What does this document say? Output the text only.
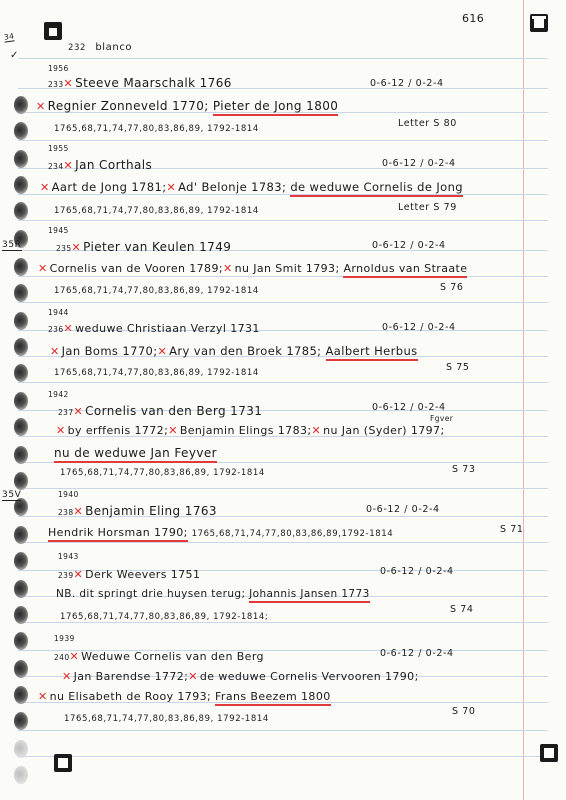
616
34
✓
35R
35V
232 blanco
1956
233✕ Steeve Maarschalk 1766	0-6-12 / 0-2-4
✕ Regnier Zonneveld 1770; Pieter de Jong 1800
1765,68,71,74,77,80,83,86,89, 1792-1814	Letter S 80
1955
234✕ Jan Corthals	0-6-12 / 0-2-4
✕ Aart de Jong 1781;✕ Ad' Belonje 1783; de weduwe Cornelis de Jong
1765,68,71,74,77,80,83,86,89, 1792-1814	Letter S 79
1945
235✕ Pieter van Keulen 1749	0-6-12 / 0-2-4
✕ Cornelis van de Vooren 1789;✕ nu Jan Smit 1793; Arnoldus van Straate
1765,68,71,74,77,80,83,86,89, 1792-1814	S 76
1944
236✕ weduwe Christiaan Verzyl 1731	0-6-12 / 0-2-4
✕ Jan Boms 1770;✕ Ary van den Broek 1785; Aalbert Herbus
1765,68,71,74,77,80,83,86,89, 1792-1814	S 75
1942
237✕ Cornelis van den Berg 1731	0-6-12 / 0-2-4
Fgver
✕ by erffenis 1772;✕ Benjamin Elings 1783;✕ nu Jan (Syder) 1797;
nu de weduwe Jan Feyver
1765,68,71,74,77,80,83,86,89, 1792-1814	S 73
1940
238✕ Benjamin Eling 1763	0-6-12 / 0-2-4
Hendrik Horsman 1790; 1765,68,71,74,77,80,83,86,89,1792-1814	S 71
1943
239✕ Derk Weevers 1751	0-6-12 / 0-2-4
NB. dit springt drie huysen terug; Johannis Jansen 1773
1765,68,71,74,77,80,83,86,89, 1792-1814;
S 74
1939
240✕ Weduwe Cornelis van den Berg	0-6-12 / 0-2-4
✕ Jan Barendse 1772;✕ de weduwe Cornelis Vervooren 1790;
✕ nu Elisabeth de Rooy 1793; Frans Beezem 1800
1765,68,71,74,77,80,83,86,89, 1792-1814
S 70
